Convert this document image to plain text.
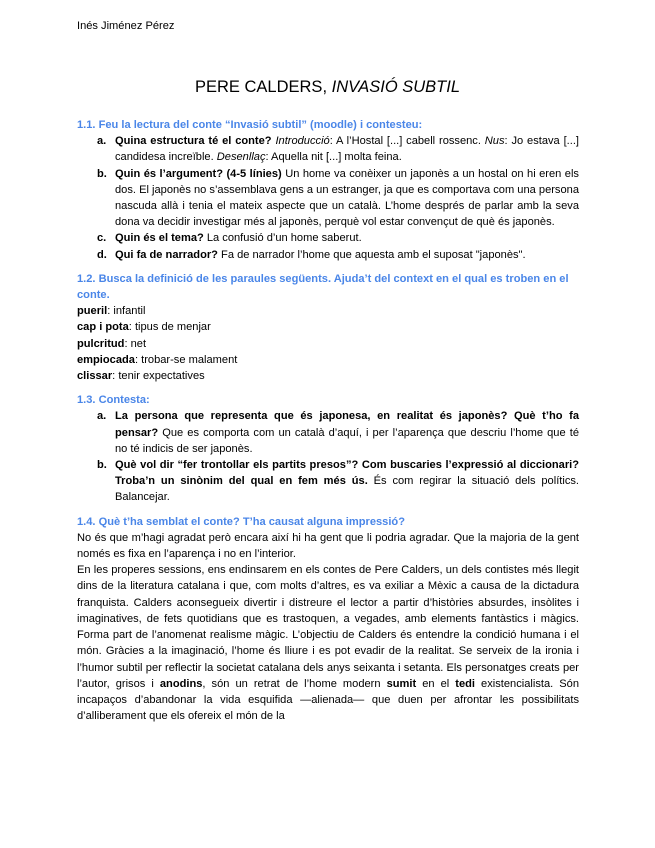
Inés Jiménez Pérez
PERE CALDERS, INVASIÓ SUBTIL
1.1. Feu la lectura del conte “Invasió subtil” (moodle) i contesteu:
a. Quina estructura té el conte? Introducció: A l’Hostal [...] cabell rossenc. Nus: Jo estava [...] candidesa increïble. Desenllaç: Aquella nit [...] molta feina.
b. Quin és l’argument? (4-5 línies) Un home va conèixer un japonès a un hostal on hi eren els dos. El japonès no s’assemblava gens a un estranger, ja que es comportava com una persona nascuda allà i tenia el mateix aspecte que un català. L’home després de parlar amb la seva dona va decidir investigar més al japonès, perquè vol estar convençut de què és japonès.
c. Quin és el tema? La confusió d’un home saberut.
d. Qui fa de narrador? Fa de narrador l’home que aquesta amb el suposat "japonès".
1.2. Busca la definició de les paraules següents. Ajuda’t del context en el qual es troben en el conte.
pueril: infantil
cap i pota: tipus de menjar
pulcritud: net
empiocada: trobar-se malament
clissar: tenir expectatives
1.3. Contesta:
a. La persona que representa que és japonesa, en realitat és japonès? Què t’ho fa pensar? Que es comporta com un català d’aquí, i per l’aparença que descriu l’home que té no té indicis de ser japonès.
b. Què vol dir “fer trontollar els partits presos”? Com buscaries l’expressió al diccionari? Troba’n un sinònim del qual en fem més ús. És com regirar la situació dels polítics. Balancejar.
1.4. Què t’ha semblat el conte? T’ha causat alguna impressió?
No és que m’hagi agradat però encara així hi ha gent que li podria agradar. Que la majoria de la gent només es fixa en l’aparença i no en l’interior.
En les properes sessions, ens endinsarem en els contes de Pere Calders, un dels contistes més llegit dins de la literatura catalana i que, com molts d’altres, es va exiliar a Mèxic a causa de la dictadura franquista. Calders aconsegueix divertir i distreure el lector a partir d’històries absurdes, insòlites i imaginatives, de fets quotidians que es trastoquen, a vegades, amb elements fantàstics i màgics. Forma part de l’anomenat realisme màgic. L’objectiu de Calders és entendre la condició humana i el món. Gràcies a la imaginació, l’home és lliure i es pot evadir de la realitat. Se serveix de la ironia i l’humor subtil per reflectir la societat catalana dels anys seixanta i setanta. Els personatges creats per l’autor, grisos i anodins, són un retrat de l’home modern sumit en el tedi existencialista. Són incapaços d’abandonar la vida esquifida —alienada— que duen per afrontar les possibilitats d’alliberament que els ofereix el món de la
